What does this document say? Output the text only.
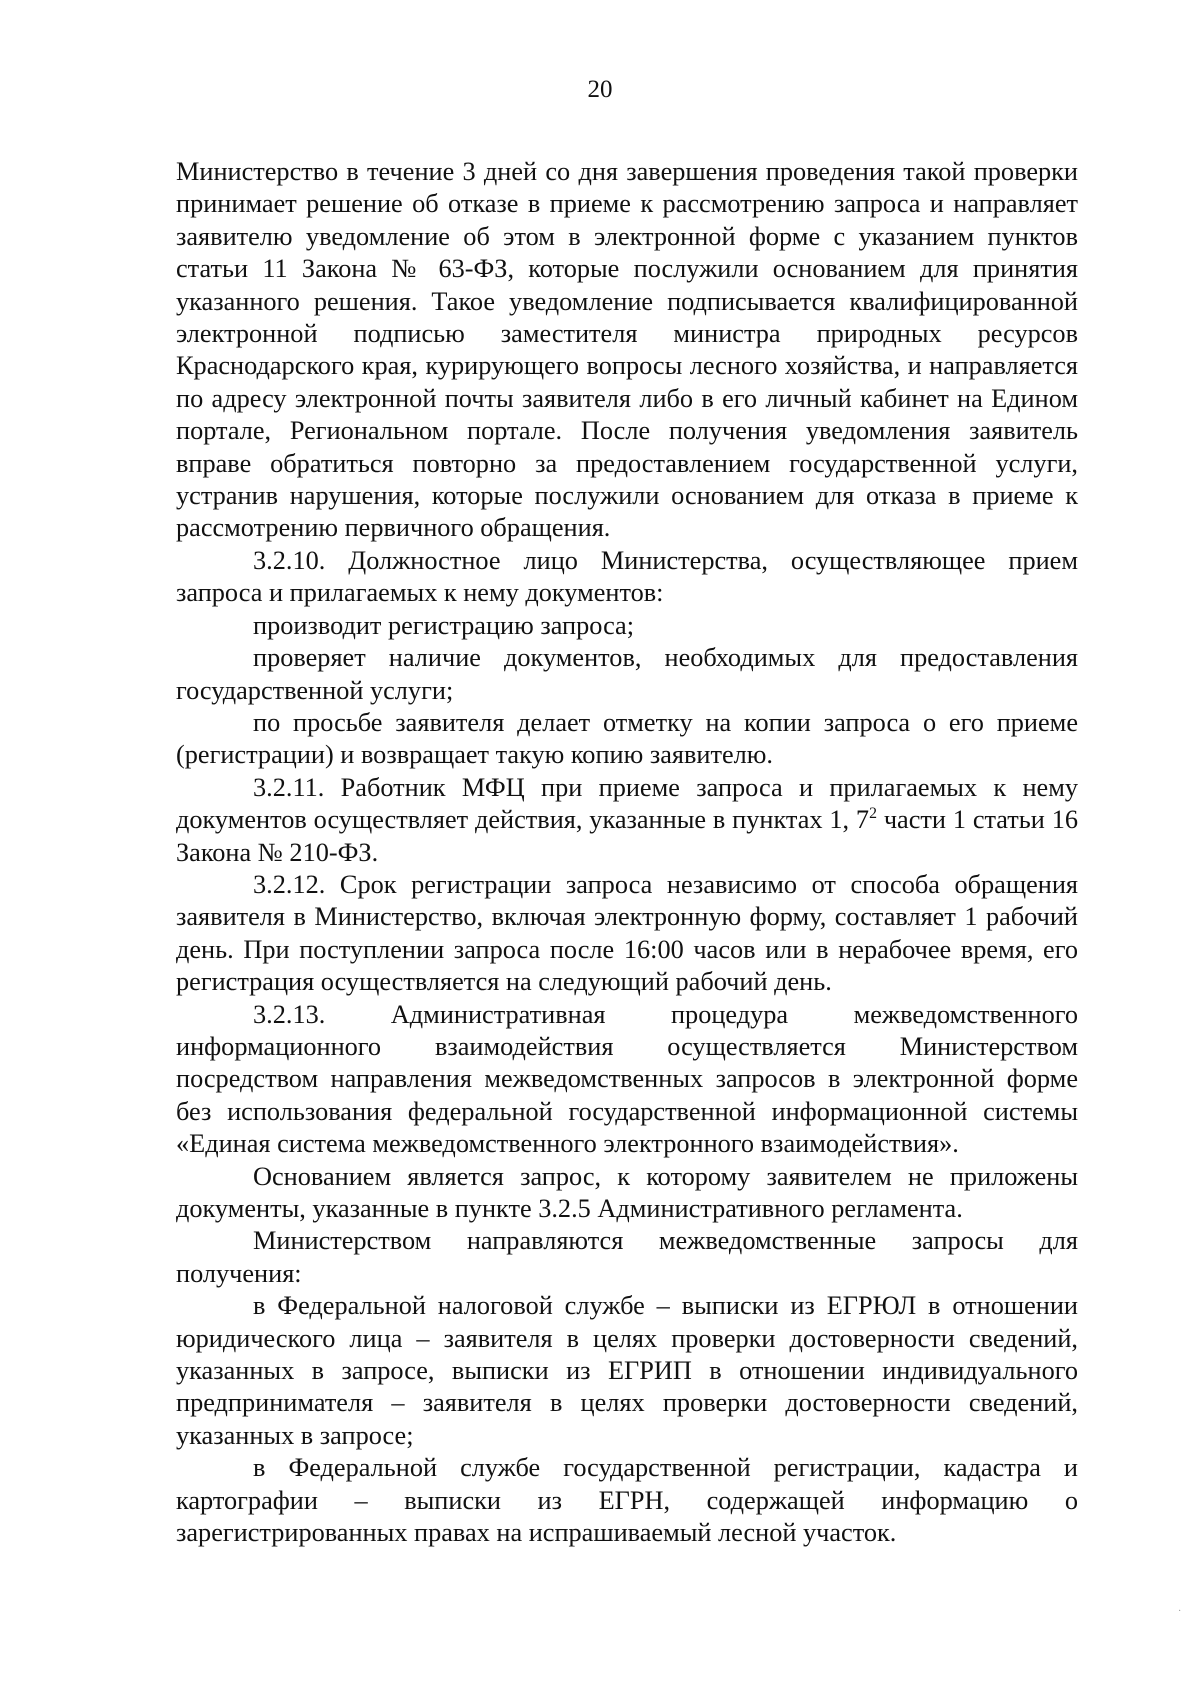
20

Министерство в течение 3 дней со дня завершения проведения такой проверки принимает решение об отказе в приеме к рассмотрению запроса и направляет заявителю уведомление об этом в электронной форме с указанием пунктов статьи 11 Закона № 63-ФЗ, которые послужили основанием для принятия указанного решения. Такое уведомление подписывается квалифицированной электронной подписью заместителя министра природных ресурсов Краснодарского края, курирующего вопросы лесного хозяйства, и направляется по адресу электронной почты заявителя либо в его личный кабинет на Едином портале, Региональном портале. После получения уведомления заявитель вправе обратиться повторно за предоставлением государственной услуги, устранив нарушения, которые послужили основанием для отказа в приеме к рассмотрению первичного обращения.

3.2.10. Должностное лицо Министерства, осуществляющее прием запроса и прилагаемых к нему документов:

производит регистрацию запроса;

проверяет наличие документов, необходимых для предоставления государственной услуги;

по просьбе заявителя делает отметку на копии запроса о его приеме (регистрации) и возвращает такую копию заявителю.

3.2.11. Работник МФЦ при приеме запроса и прилагаемых к нему документов осуществляет действия, указанные в пунктах 1, $7^2$ части 1 статьи 16 Закона № 210-ФЗ.

3.2.12. Срок регистрации запроса независимо от способа обращения заявителя в Министерство, включая электронную форму, составляет 1 рабочий день. При поступлении запроса после 16:00 часов или в нерабочее время, его регистрация осуществляется на следующий рабочий день.

3.2.13. Административная процедура межведомственного информационного взаимодействия осуществляется Министерством посредством направления межведомственных запросов в электронной форме без использования федеральной государственной информационной системы «Единая система межведомственного электронного взаимодействия».

Основанием является запрос, к которому заявителем не приложены документы, указанные в пункте 3.2.5 Административного регламента.

Министерством направляются межведомственные запросы для получения:

в Федеральной налоговой службе – выписки из ЕГРЮЛ в отношении юридического лица – заявителя в целях проверки достоверности сведений, указанных в запросе, выписки из ЕГРИП в отношении индивидуального предпринимателя – заявителя в целях проверки достоверности сведений, указанных в запросе;

в Федеральной службе государственной регистрации, кадастра и картографии – выписки из ЕГРН, содержащей информацию о зарегистрированных правах на испрашиваемый лесной участок.

·
